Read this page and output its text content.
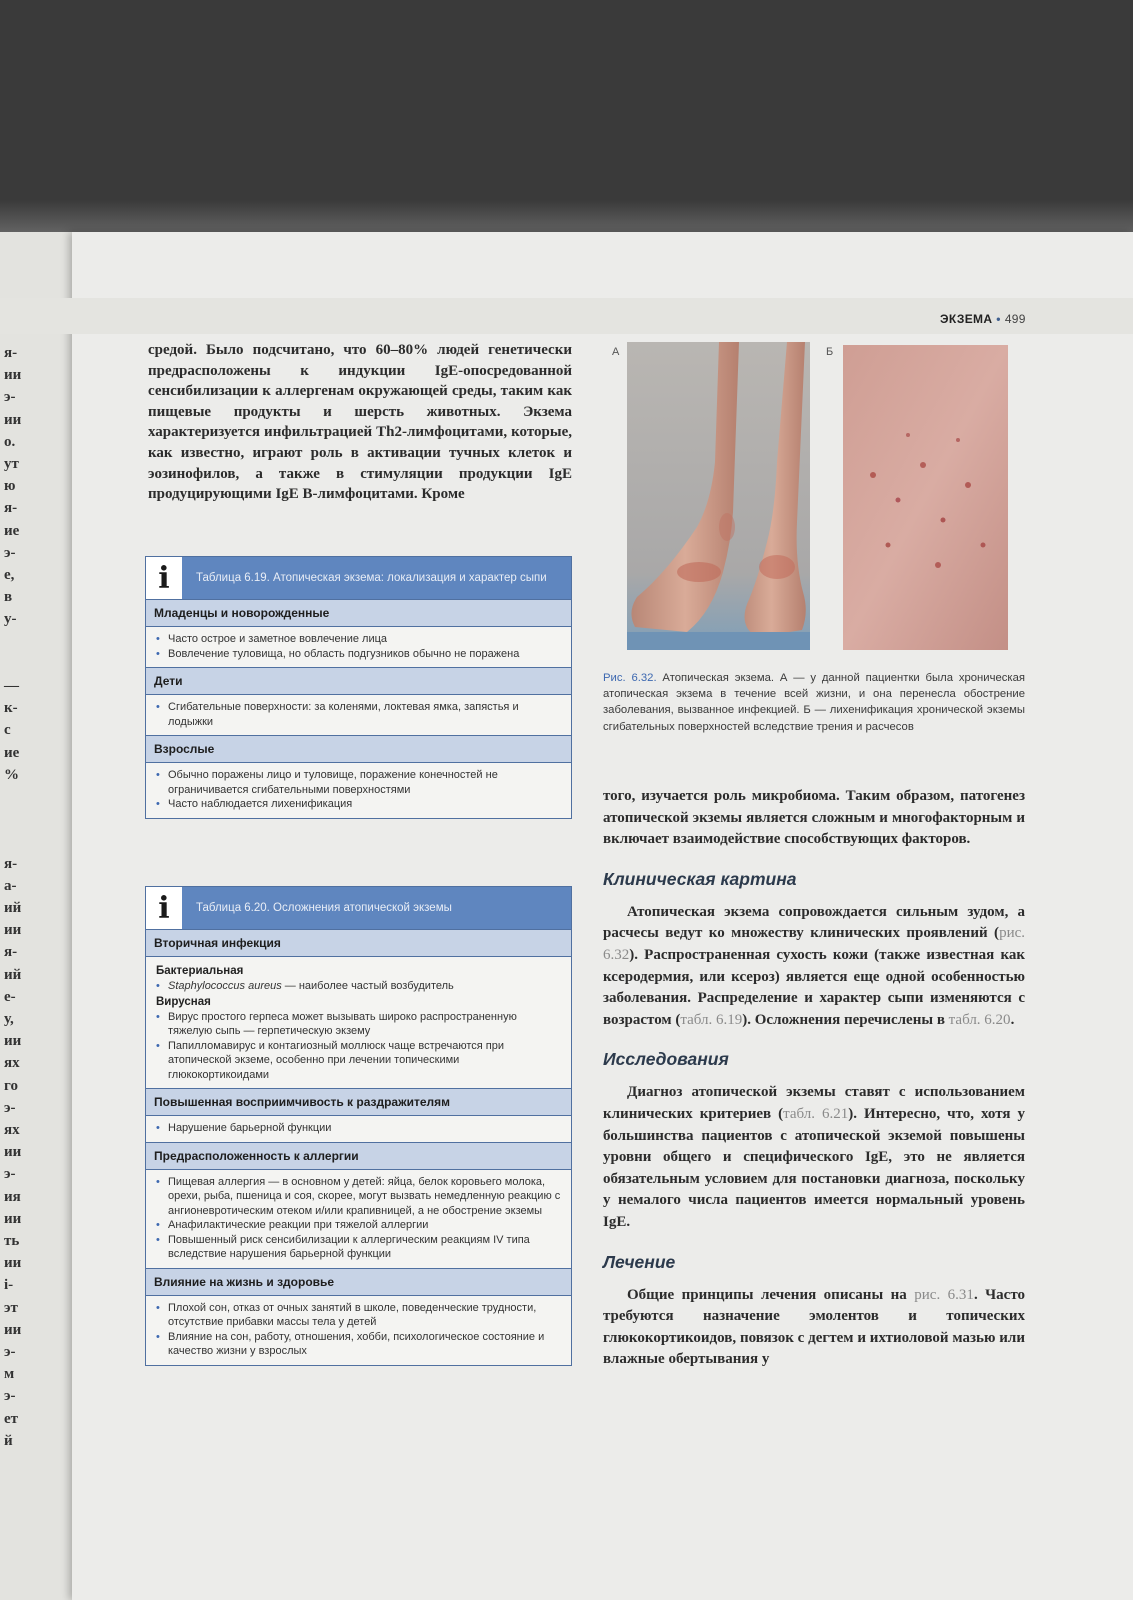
я-
ии
э-
ии
о.
ут
ю
я-
ие
э-
е,
в
у-
—
к-
с
ие
%
я-
а-
ий
ии
я-
ий
е-
у,
ии
ях
го
э-
ях
ии
э-
ия
ии
ть
ии
і-
эт
ии
э-
м
э-
ет
й
ЭКЗЕМА • 499

средой. Было подсчитано, что 60–80% людей генетически предрасположены к индукции IgE-опосредованной сенсибилизации к аллергенам окружающей среды, таким как пищевые продукты и шерсть животных. Экзема характеризуется инфильтрацией Th2-лимфоцитами, которые, как известно, играют роль в активации тучных клеток и эозинофилов, а также в стимуляции продукции IgE продуцирующими IgE В-лимфоцитами. Кроме

i	Таблица 6.19. Атопическая экзема: локализация и характер сыпи
Младенцы и новорожденные
• Часто острое и заметное вовлечение лица
• Вовлечение туловища, но область подгузников обычно не поражена
Дети
• Сгибательные поверхности: за коленями, локтевая ямка, запястья и лодыжки
Взрослые
• Обычно поражены лицо и туловище, поражение конечностей не ограничивается сгибательными поверхностями
• Часто наблюдается лихенификация
i	Таблица 6.20. Осложнения атопической экземы
Вторичная инфекция
Бактериальная
• Staphylococcus aureus — наиболее частый возбудитель
Вирусная
• Вирус простого герпеса может вызывать широко распространенную тяжелую сыпь — герпетическую экзему
• Папилломавирус и контагиозный моллюск чаще встречаются при атопической экземе, особенно при лечении топическими глюкокортикоидами
Повышенная восприимчивость к раздражителям
• Нарушение барьерной функции
Предрасположенность к аллергии
• Пищевая аллергия — в основном у детей: яйца, белок коровьего молока, орехи, рыба, пшеница и соя, скорее, могут вызвать немедленную реакцию с ангионевротическим отеком и/или крапивницей, а не обострение экземы
• Анафилактические реакции при тяжелой аллергии
• Повышенный риск сенсибилизации к аллергическим реакциям IV типа вследствие нарушения барьерной функции
Влияние на жизнь и здоровье
• Плохой сон, отказ от очных занятий в школе, поведенческие трудности, отсутствие прибавки массы тела у детей
• Влияние на сон, работу, отношения, хобби, психологическое состояние и качество жизни у взрослых
А	Б
Рис. 6.32. Атопическая экзема. А — у данной пациентки была хроническая атопическая экзема в течение всей жизни, и она перенесла обострение заболевания, вызванное инфекцией. Б — лихенификация хронической экземы сгибательных поверхностей вследствие трения и расчесов

того, изучается роль микробиома. Таким образом, патогенез атопической экземы является сложным и многофакторным и включает взаимодействие способствующих факторов.

Клиническая картина

Атопическая экзема сопровождается сильным зудом, а расчесы ведут ко множеству клинических проявлений (рис. 6.32). Распространенная сухость кожи (также известная как ксеродермия, или ксероз) является еще одной особенностью заболевания. Распределение и характер сыпи изменяются с возрастом (табл. 6.19). Осложнения перечислены в табл. 6.20.

Исследования

Диагноз атопической экземы ставят с использованием клинических критериев (табл. 6.21). Интересно, что, хотя у большинства пациентов с атопической экземой повышены уровни общего и специфического IgE, это не является обязательным условием для постановки диагноза, поскольку у немалого числа пациентов имеется нормальный уровень IgE.

Лечение

Общие принципы лечения описаны на рис. 6.31. Часто требуются назначение эмолентов и топических глюкокортикоидов, повязок с дегтем и ихтиоловой мазью или влажные обертывания у
